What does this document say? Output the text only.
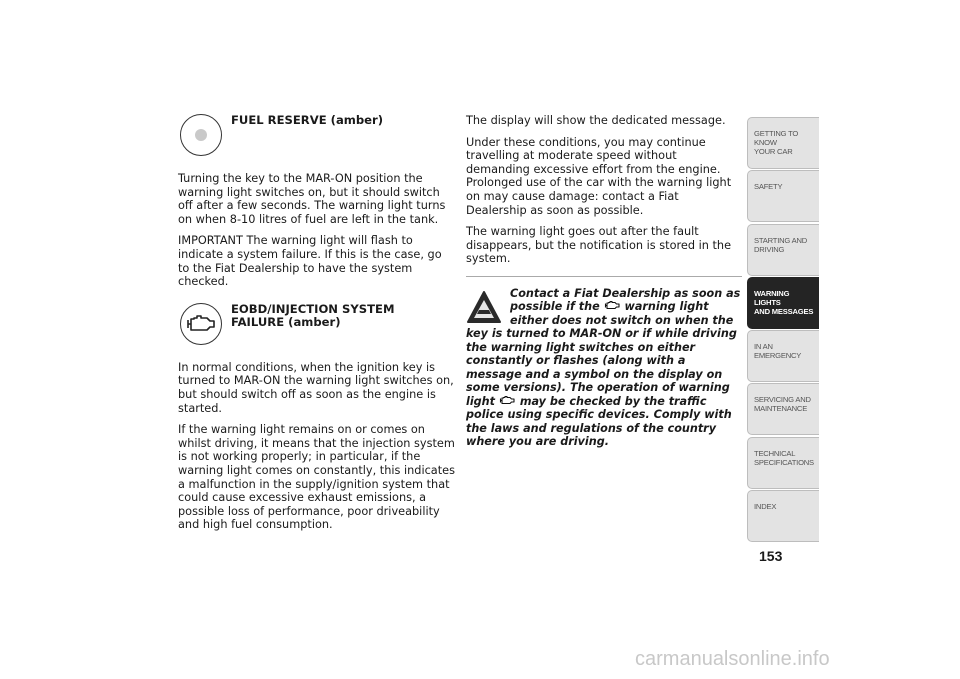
FUEL RESERVE (amber)

Turning the key to the MAR-ON position the warning light switches on, but it should switch off after a few seconds. The warning light turns on when 8-10 litres of fuel are left in the tank.

IMPORTANT The warning light will flash to indicate a system failure. If this is the case, go to the Fiat Dealership to have the system checked.

EOBD/INJECTION SYSTEM FAILURE (amber)

In normal conditions, when the ignition key is turned to MAR-ON the warning light switches on, but should switch off as soon as the engine is started.

If the warning light remains on or comes on whilst driving, it means that the injection system is not working properly; in particular, if the warning light comes on constantly, this indicates a malfunction in the supply/ignition system that could cause excessive exhaust emissions, a possible loss of performance, poor driveability and high fuel consumption.

The display will show the dedicated message.

Under these conditions, you may continue travelling at moderate speed without demanding excessive effort from the engine. Prolonged use of the car with the warning light on may cause damage: contact a Fiat Dealership as soon as possible.

The warning light goes out after the fault disappears, but the notification is stored in the system.

Contact a Fiat Dealership as soon as possible if the warning light either does not switch on when the key is turned to MAR-ON or if while driving the warning light switches on either constantly or flashes (along with a message and a symbol on the display on some versions). The operation of warning light may be checked by the traffic police using specific devices. Comply with the laws and regulations of the country where you are driving.
GETTING TO KNOW
YOUR CAR
SAFETY
STARTING AND
DRIVING
WARNING LIGHTS
AND MESSAGES
IN AN EMERGENCY
SERVICING AND
MAINTENANCE
TECHNICAL
SPECIFICATIONS
INDEX
153
carmanualsonline.info
